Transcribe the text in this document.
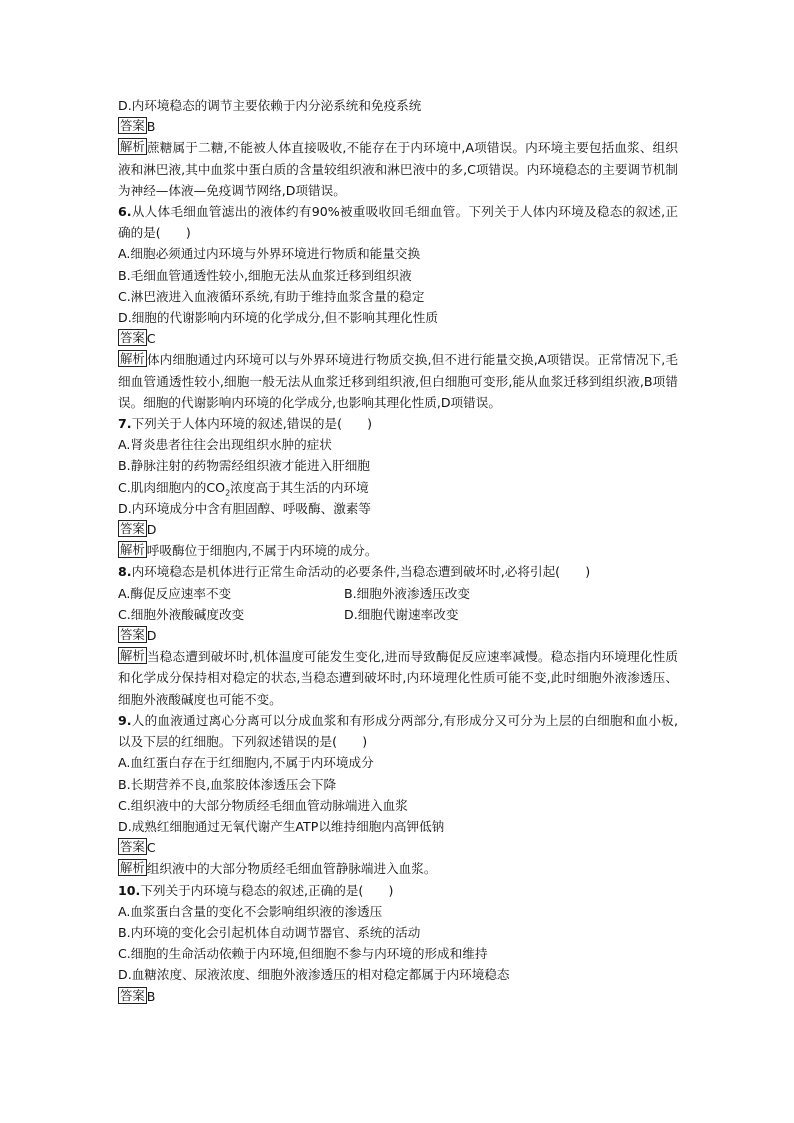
D.内环境稳态的调节主要依赖于内分泌系统和免疫系统
答案 B
解析 蔗糖属于二糖,不能被人体直接吸收,不能存在于内环境中,A项错误。内环境主要包括血浆、组织液和淋巴液,其中血浆中蛋白质的含量较组织液和淋巴液中的多,C项错误。内环境稳态的主要调节机制为神经—体液—免疫调节网络,D项错误。
6.从人体毛细血管滤出的液体约有90%被重吸收回毛细血管。下列关于人体内环境及稳态的叙述,正确的是(　　)
A.细胞必须通过内环境与外界环境进行物质和能量交换
B.毛细血管通透性较小,细胞无法从血浆迁移到组织液
C.淋巴液进入血液循环系统,有助于维持血浆含量的稳定
D.细胞的代谢影响内环境的化学成分,但不影响其理化性质
答案 C
解析 体内细胞通过内环境可以与外界环境进行物质交换,但不进行能量交换,A项错误。正常情况下,毛细血管通透性较小,细胞一般无法从血浆迁移到组织液,但白细胞可变形,能从血浆迁移到组织液,B项错误。细胞的代谢影响内环境的化学成分,也影响其理化性质,D项错误。
7.下列关于人体内环境的叙述,错误的是(　　)
A.肾炎患者往往会出现组织水肿的症状
B.静脉注射的药物需经组织液才能进入肝细胞
C.肌肉细胞内的$CO_2$浓度高于其生活的内环境
D.内环境成分中含有胆固醇、呼吸酶、激素等
答案 D
解析 呼吸酶位于细胞内,不属于内环境的成分。
8.内环境稳态是机体进行正常生命活动的必要条件,当稳态遭到破坏时,必将引起(　　)
A.酶促反应速率不变	B.细胞外液渗透压改变
C.细胞外液酸碱度改变	D.细胞代谢速率改变
答案 D
解析 当稳态遭到破坏时,机体温度可能发生变化,进而导致酶促反应速率减慢。稳态指内环境理化性质和化学成分保持相对稳定的状态,当稳态遭到破坏时,内环境理化性质可能不变,此时细胞外液渗透压、细胞外液酸碱度也可能不变。
9.人的血液通过离心分离可以分成血浆和有形成分两部分,有形成分又可分为上层的白细胞和血小板,以及下层的红细胞。下列叙述错误的是(　　)
A.血红蛋白存在于红细胞内,不属于内环境成分
B.长期营养不良,血浆胶体渗透压会下降
C.组织液中的大部分物质经毛细血管动脉端进入血浆
D.成熟红细胞通过无氧代谢产生ATP以维持细胞内高钾低钠
答案 C
解析 组织液中的大部分物质经毛细血管静脉端进入血浆。
10.下列关于内环境与稳态的叙述,正确的是(　　)
A.血浆蛋白含量的变化不会影响组织液的渗透压
B.内环境的变化会引起机体自动调节器官、系统的活动
C.细胞的生命活动依赖于内环境,但细胞不参与内环境的形成和维持
D.血糖浓度、尿液浓度、细胞外液渗透压的相对稳定都属于内环境稳态
答案 B
